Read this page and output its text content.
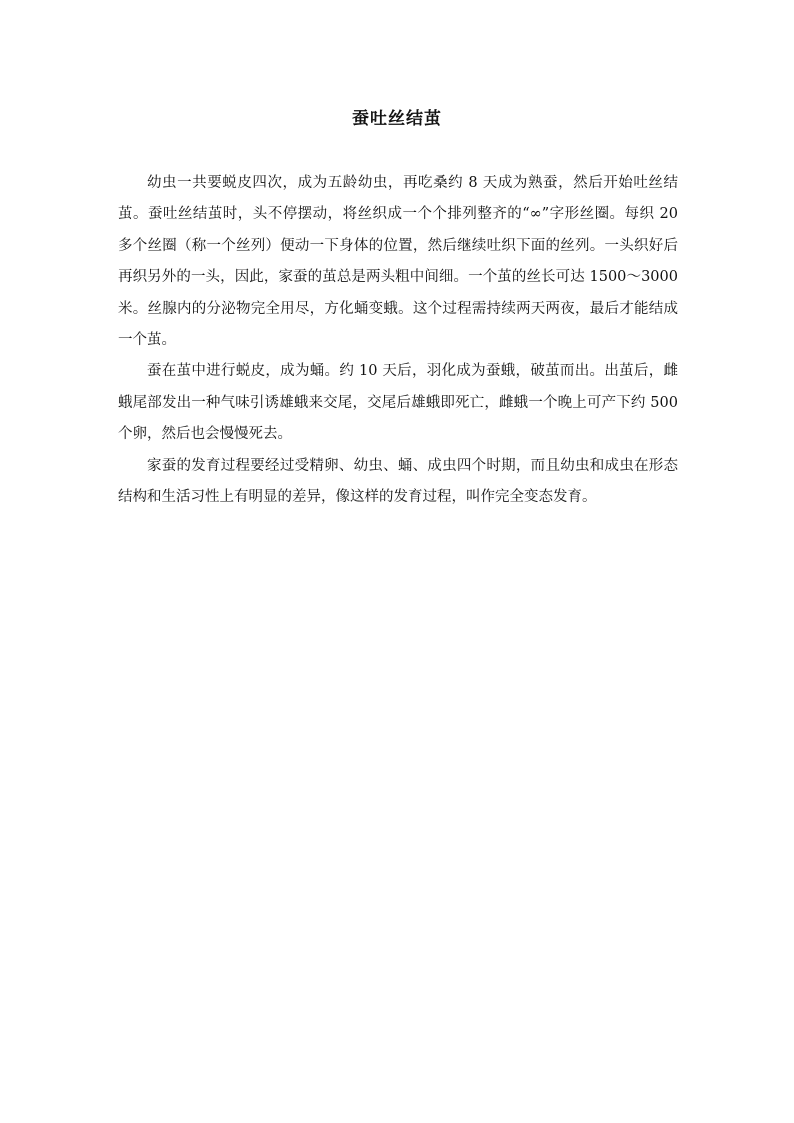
蚕吐丝结茧

幼虫一共要蜕皮四次，成为五龄幼虫，再吃桑约 8 天成为熟蚕，然后开始吐丝结茧。蚕吐丝结茧时，头不停摆动，将丝织成一个个排列整齐的“∞”字形丝圈。每织 20 多个丝圈（称一个丝列）便动一下身体的位置，然后继续吐织下面的丝列。一头织好后再织另外的一头，因此，家蚕的茧总是两头粗中间细。一个茧的丝长可达 1500～3000 米。丝腺内的分泌物完全用尽，方化蛹变蛾。这个过程需持续两天两夜，最后才能结成一个茧。

蚕在茧中进行蜕皮，成为蛹。约 10 天后，羽化成为蚕蛾，破茧而出。出茧后，雌蛾尾部发出一种气味引诱雄蛾来交尾，交尾后雄蛾即死亡，雌蛾一个晚上可产下约 500 个卵，然后也会慢慢死去。

家蚕的发育过程要经过受精卵、幼虫、蛹、成虫四个时期，而且幼虫和成虫在形态结构和生活习性上有明显的差异，像这样的发育过程，叫作完全变态发育。
